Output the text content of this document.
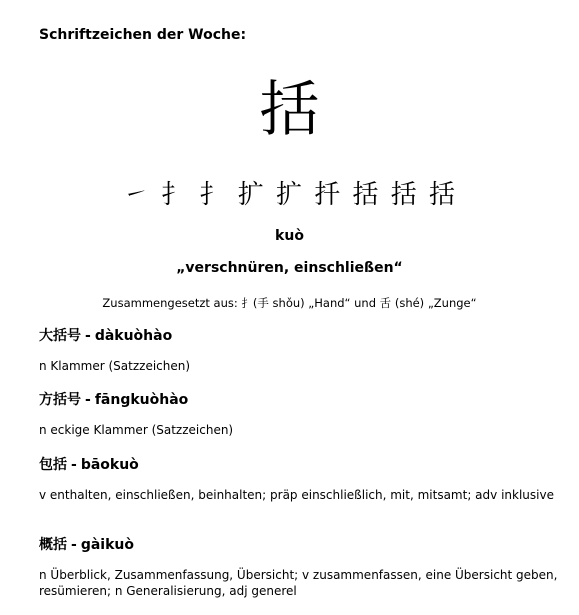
Schriftzeichen der Woche:
括
㇀ 扌 扌 扩 扩 扦 括 括 括
kuò
„verschnüren, einschließen“
Zusammengesetzt aus: 扌(手 shǒu) „Hand“ und 舌 (shé) „Zunge“
大括号 - dàkuòhào
n Klammer (Satzzeichen)
方括号 - fāngkuòhào
n eckige Klammer (Satzzeichen)
包括 - bāokuò
v enthalten, einschließen, beinhalten; präp einschließlich, mit, mitsamt; adv inklusive
概括 - gàikuò
n Überblick, Zusammenfassung, Übersicht; v zusammenfassen, eine Übersicht geben, resümieren; n Generalisierung, adj generel
